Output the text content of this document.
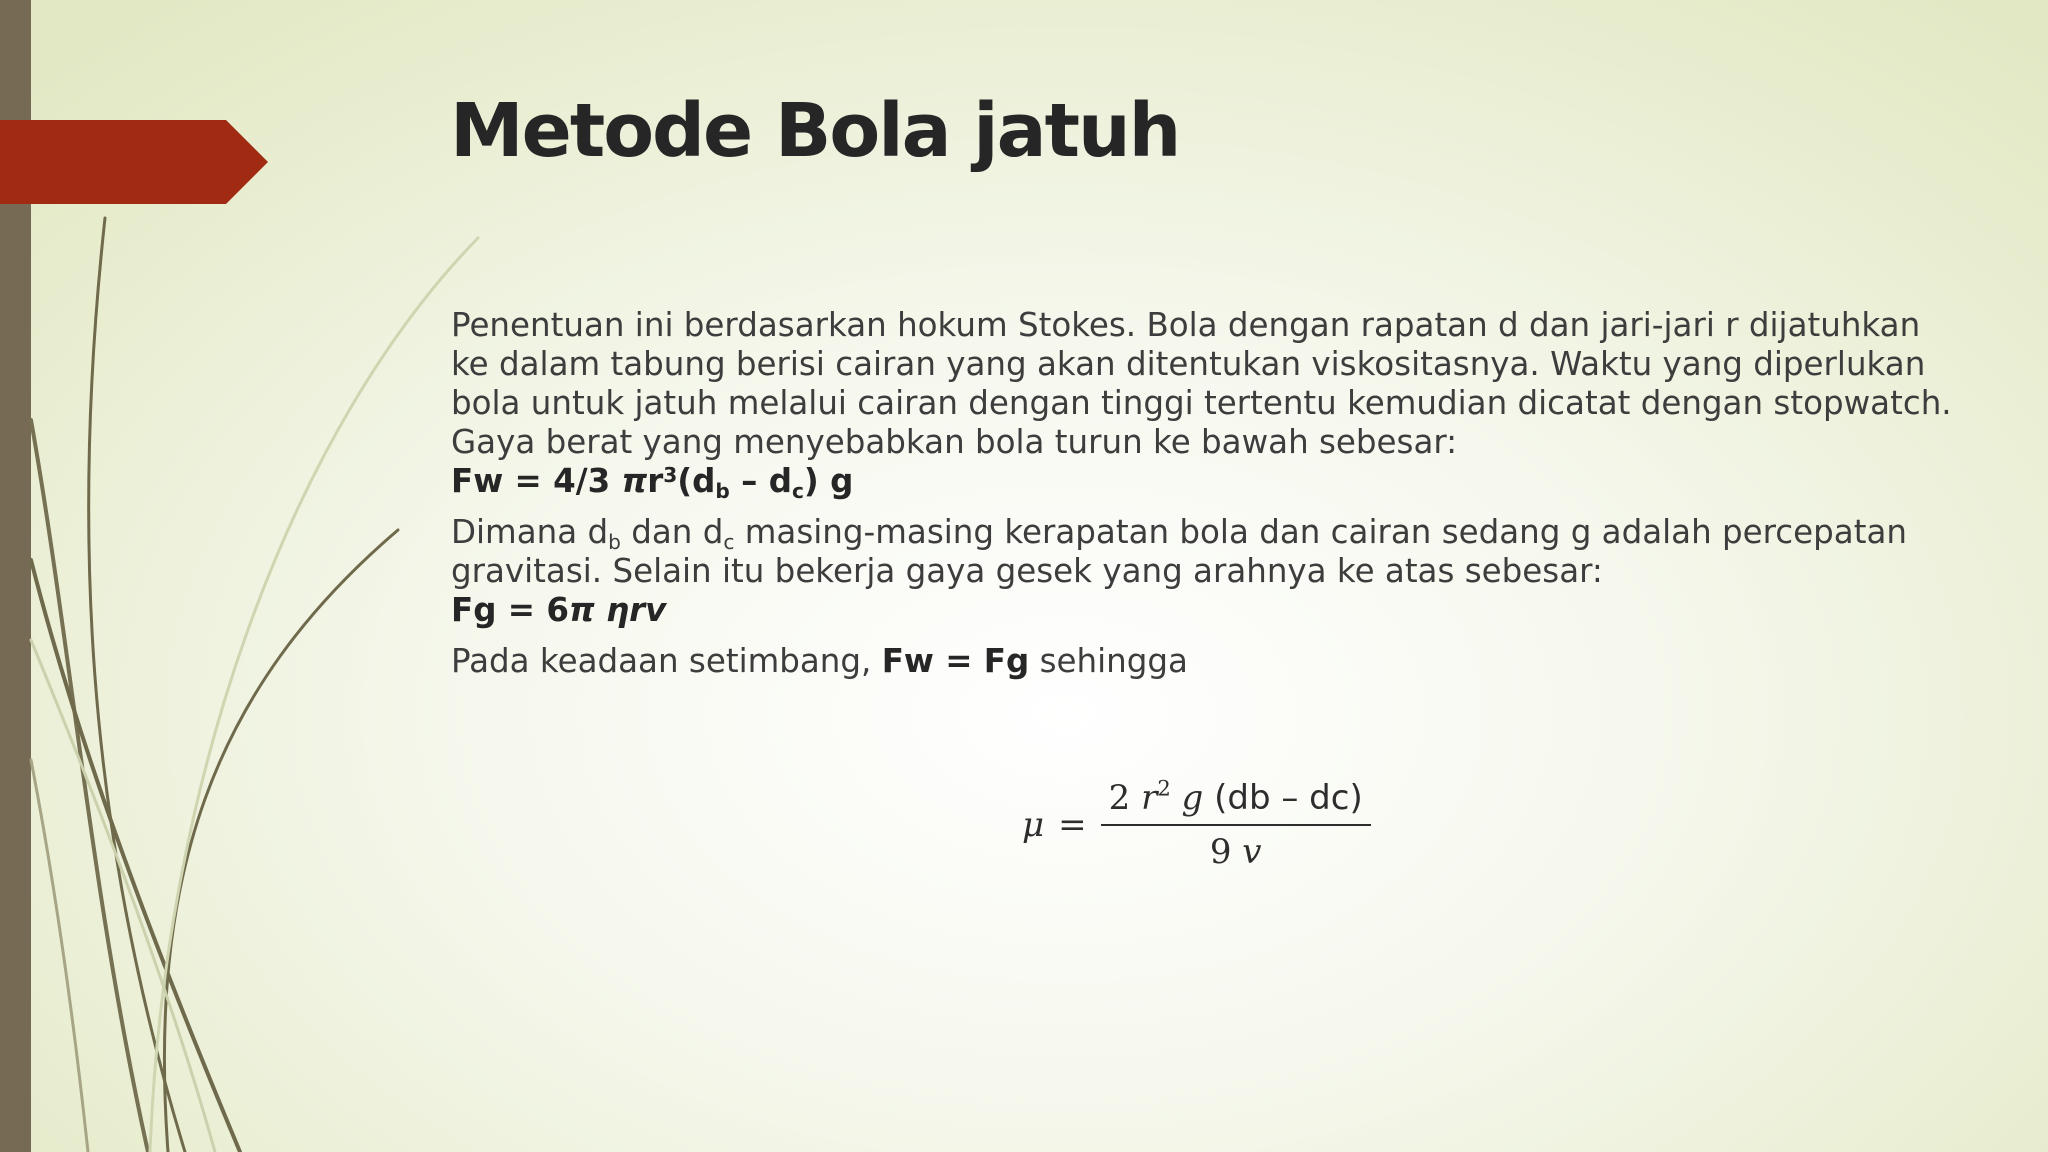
Metode Bola jatuh

Penentuan ini berdasarkan hokum Stokes. Bola dengan rapatan d dan jari-jari r dijatuhkan
ke dalam tabung berisi cairan yang akan ditentukan viskositasnya. Waktu yang diperlukan
bola untuk jatuh melalui cairan dengan tinggi tertentu kemudian dicatat dengan stopwatch.
Gaya berat yang menyebabkan bola turun ke bawah sebesar:

Fw = 4/3 $\pi r^3(d_b - d_c)$ g

Dimana $d_b$ dan $d_c$ masing-masing kerapatan bola dan cairan sedang g adalah percepatan
gravitasi. Selain itu bekerja gaya gesek yang arahnya ke atas sebesar:

Fg = 6π ηrv

Pada keadaan setimbang, Fw = Fg sehingga

$\mu = \frac{2 r^2 g (db - dc)}{9 v}$
